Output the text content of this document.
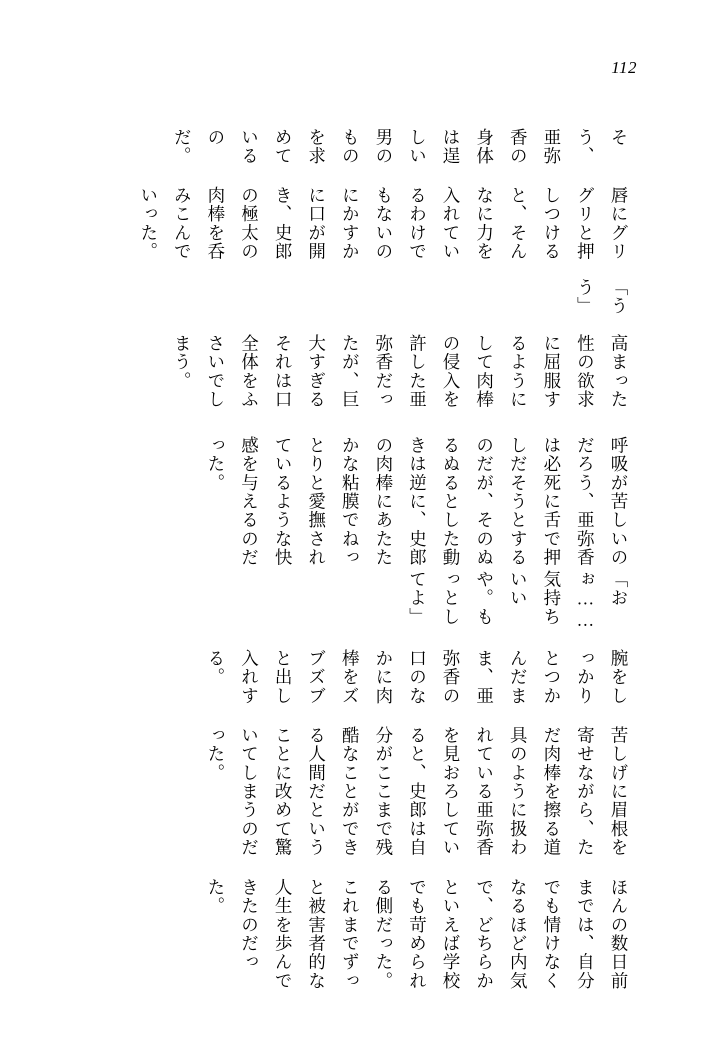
112

そう、亜弥香の身体は逞しい男のものを求めているのだ。

唇にグリグリと押しつけると、そんなに力を入れているわけでもないのにかすかに口が開き、史郎の極太の肉棒を呑みこんでいった。

「うう」

高まった性の欲求に屈服するようにして肉棒の侵入を許した亜弥香だったが、巨大すぎるそれは口全体をふさいでしまう。

呼吸が苦しいのだろう、亜弥香は必死に舌で押しだそうとするのだが、そのぬるぬるとした動きは逆に、史郎の肉棒にあたたかな粘膜でねっとりと愛撫されているような快感を与えるのだった。

「おぉ…… 気持ちいいや。もっとしてよ」

腕をしっかりとつかんだまま、亜弥香の口のなかに肉棒をズブズブと出し入れする。

苦しげに眉根を寄せながら、ただ肉棒を擦る道具のように扱われている亜弥香を見おろしていると、史郎は自分がここまで残酷なことができる人間だということに改めて驚いてしまうのだった。

ほんの数日前までは、自分でも情けなくなるほど内気で、どちらかといえば学校でも苛められる側だった。これまでずっと被害者的な人生を歩んできたのだった。
